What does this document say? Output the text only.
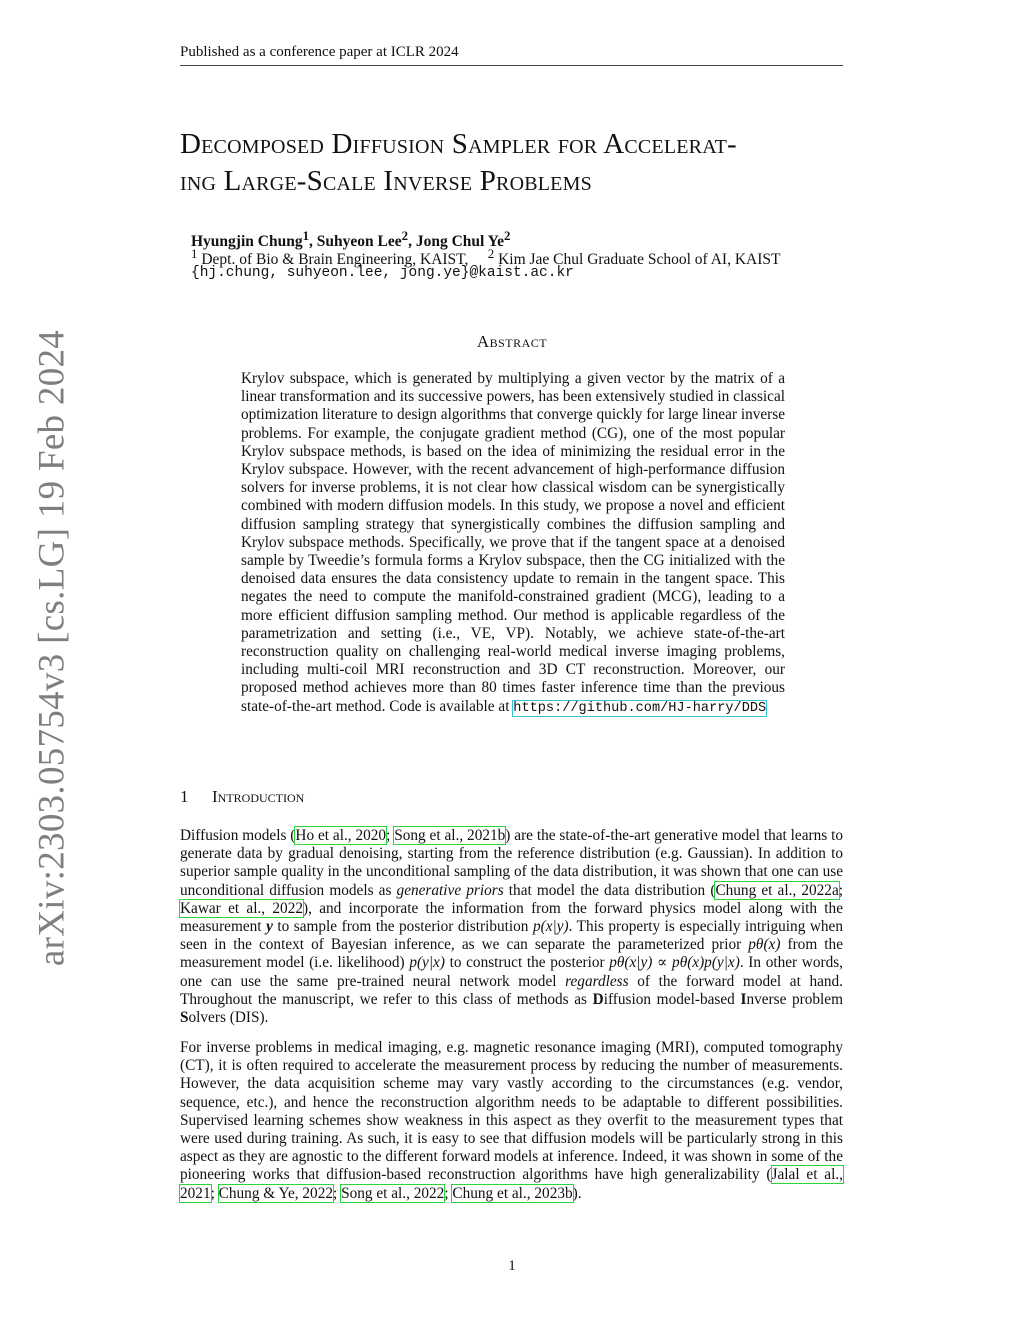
Published as a conference paper at ICLR 2024
Decomposed Diffusion Sampler for Accelerat-
ing Large-Scale Inverse Problems
Hyungjin Chung$^1$, Suhyeon Lee$^2$, Jong Chul Ye$^2$
$^1$ Dept. of Bio & Brain Engineering, KAIST, $^2$ Kim Jae Chul Graduate School of AI, KAIST
{hj.chung, suhyeon.lee, jong.ye}@kaist.ac.kr
Abstract
Krylov subspace, which is generated by multiplying a given vector by the matrix of a linear transformation and its successive powers, has been extensively studied in classical optimization literature to design algorithms that converge quickly for large linear inverse problems. For example, the conjugate gradient method (CG), one of the most popular Krylov subspace methods, is based on the idea of minimizing the residual error in the Krylov subspace. However, with the recent advancement of high-performance diffusion solvers for inverse problems, it is not clear how classical wisdom can be synergistically combined with modern diffusion models. In this study, we propose a novel and efficient diffusion sampling strategy that synergistically combines the diffusion sampling and Krylov subspace methods. Specifically, we prove that if the tangent space at a denoised sample by Tweedie’s formula forms a Krylov subspace, then the CG initialized with the denoised data ensures the data consistency update to remain in the tangent space. This negates the need to compute the manifold-constrained gradient (MCG), leading to a more efficient diffusion sampling method. Our method is applicable regardless of the parametrization and setting (i.e., VE, VP). Notably, we achieve state-of-the-art reconstruction quality on challenging real-world medical inverse imaging problems, including multi-coil MRI reconstruction and 3D CT reconstruction. Moreover, our proposed method achieves more than 80 times faster inference time than the previous state-of-the-art method. Code is available at https://github.com/HJ-harry/DDS
arXiv:2303.05754v3 [cs.LG] 19 Feb 2024	1 Introduction
Diffusion models (Ho et al., 2020; Song et al., 2021b) are the state-of-the-art generative model that learns to generate data by gradual denoising, starting from the reference distribution (e.g. Gaussian). In addition to superior sample quality in the unconditional sampling of the data distribution, it was shown that one can use unconditional diffusion models as generative priors that model the data distribution (Chung et al., 2022a; Kawar et al., 2022), and incorporate the information from the forward physics model along with the measurement y to sample from the posterior distribution p(x|y). This property is especially intriguing when seen in the context of Bayesian inference, as we can separate the parameterized prior pθ(x) from the measurement model (i.e. likelihood) p(y|x) to construct the posterior pθ(x|y) ∝ pθ(x)p(y|x). In other words, one can use the same pre-trained neural network model regardless of the forward model at hand. Throughout the manuscript, we refer to this class of methods as Diffusion model-based Inverse problem Solvers (DIS).
For inverse problems in medical imaging, e.g. magnetic resonance imaging (MRI), computed tomography (CT), it is often required to accelerate the measurement process by reducing the number of measurements. However, the data acquisition scheme may vary vastly according to the circumstances (e.g. vendor, sequence, etc.), and hence the reconstruction algorithm needs to be adaptable to different possibilities. Supervised learning schemes show weakness in this aspect as they overfit to the measurement types that were used during training. As such, it is easy to see that diffusion models will be particularly strong in this aspect as they are agnostic to the different forward models at inference. Indeed, it was shown in some of the pioneering works that diffusion-based reconstruction algorithms have high generalizability (Jalal et al., 2021; Chung & Ye, 2022; Song et al., 2022; Chung et al., 2023b).
1
